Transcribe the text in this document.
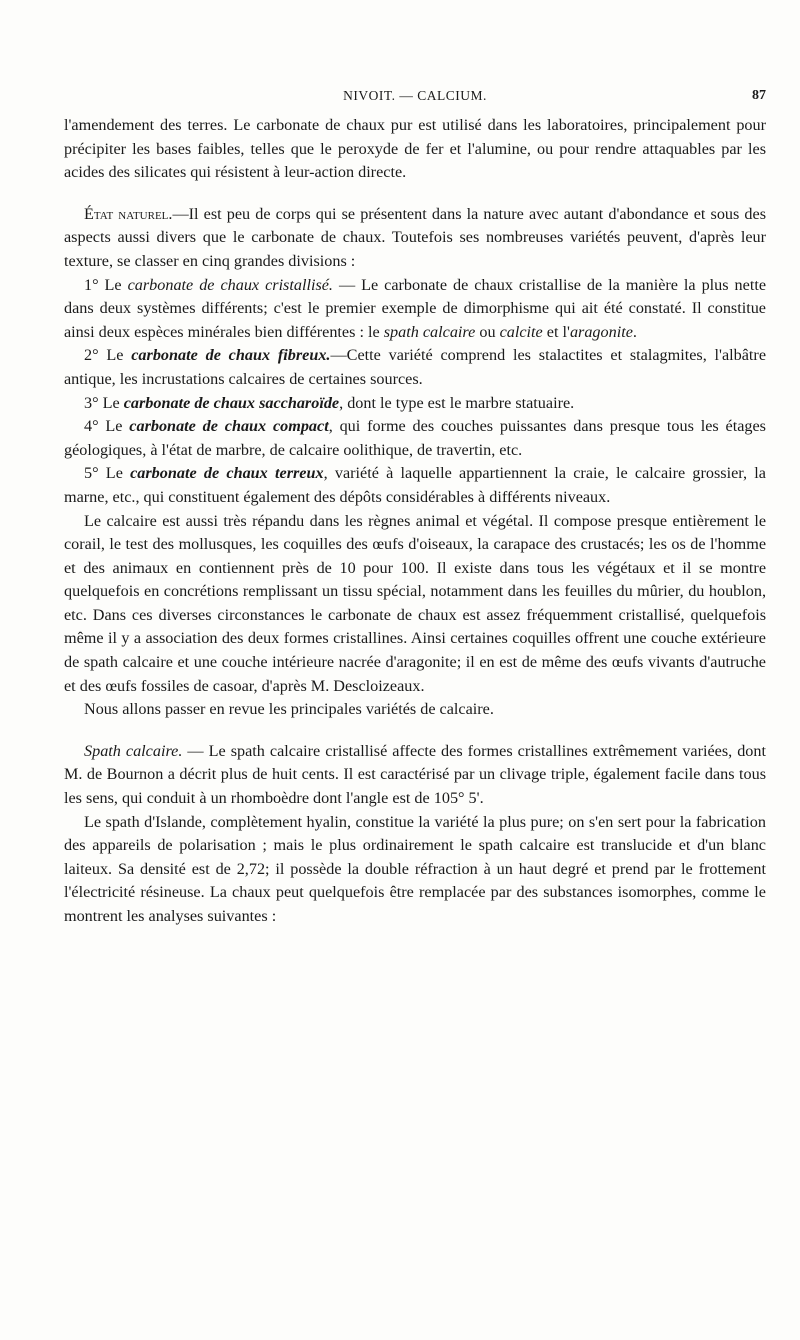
NIVOIT. — CALCIUM.	87

l'amendement des terres. Le carbonate de chaux pur est utilisé dans les laboratoires, principalement pour précipiter les bases faibles, telles que le peroxyde de fer et l'alumine, ou pour rendre attaquables par les acides des silicates qui résistent à leur-action directe.

État naturel.—Il est peu de corps qui se présentent dans la nature avec autant d'abondance et sous des aspects aussi divers que le carbonate de chaux. Toutefois ses nombreuses variétés peuvent, d'après leur texture, se classer en cinq grandes divisions :

1° Le carbonate de chaux cristallisé. — Le carbonate de chaux cristallise de la manière la plus nette dans deux systèmes différents; c'est le premier exemple de dimorphisme qui ait été constaté. Il constitue ainsi deux espèces minérales bien différentes : le spath calcaire ou calcite et l'aragonite.

2° Le carbonate de chaux fibreux.—Cette variété comprend les stalactites et stalagmites, l'albâtre antique, les incrustations calcaires de certaines sources.

3° Le carbonate de chaux saccharoïde, dont le type est le marbre statuaire.

4° Le carbonate de chaux compact, qui forme des couches puissantes dans presque tous les étages géologiques, à l'état de marbre, de calcaire oolithique, de travertin, etc.

5° Le carbonate de chaux terreux, variété à laquelle appartiennent la craie, le calcaire grossier, la marne, etc., qui constituent également des dépôts considérables à différents niveaux.

Le calcaire est aussi très répandu dans les règnes animal et végétal. Il compose presque entièrement le corail, le test des mollusques, les coquilles des œufs d'oiseaux, la carapace des crustacés; les os de l'homme et des animaux en contiennent près de 10 pour 100. Il existe dans tous les végétaux et il se montre quelquefois en concrétions remplissant un tissu spécial, notamment dans les feuilles du mûrier, du houblon, etc. Dans ces diverses circonstances le carbonate de chaux est assez fréquemment cristallisé, quelquefois même il y a association des deux formes cristallines. Ainsi certaines coquilles offrent une couche extérieure de spath calcaire et une couche intérieure nacrée d'aragonite; il en est de même des œufs vivants d'autruche et des œufs fossiles de casoar, d'après M. Descloizeaux.

Nous allons passer en revue les principales variétés de calcaire.

Spath calcaire. — Le spath calcaire cristallisé affecte des formes cristallines extrêmement variées, dont M. de Bournon a décrit plus de huit cents. Il est caractérisé par un clivage triple, également facile dans tous les sens, qui conduit à un rhomboèdre dont l'angle est de 105° 5'.

Le spath d'Islande, complètement hyalin, constitue la variété la plus pure; on s'en sert pour la fabrication des appareils de polarisation ; mais le plus ordinairement le spath calcaire est translucide et d'un blanc laiteux. Sa densité est de 2,72; il possède la double réfraction à un haut degré et prend par le frottement l'électricité résineuse. La chaux peut quelquefois être remplacée par des substances isomorphes, comme le montrent les analyses suivantes :
